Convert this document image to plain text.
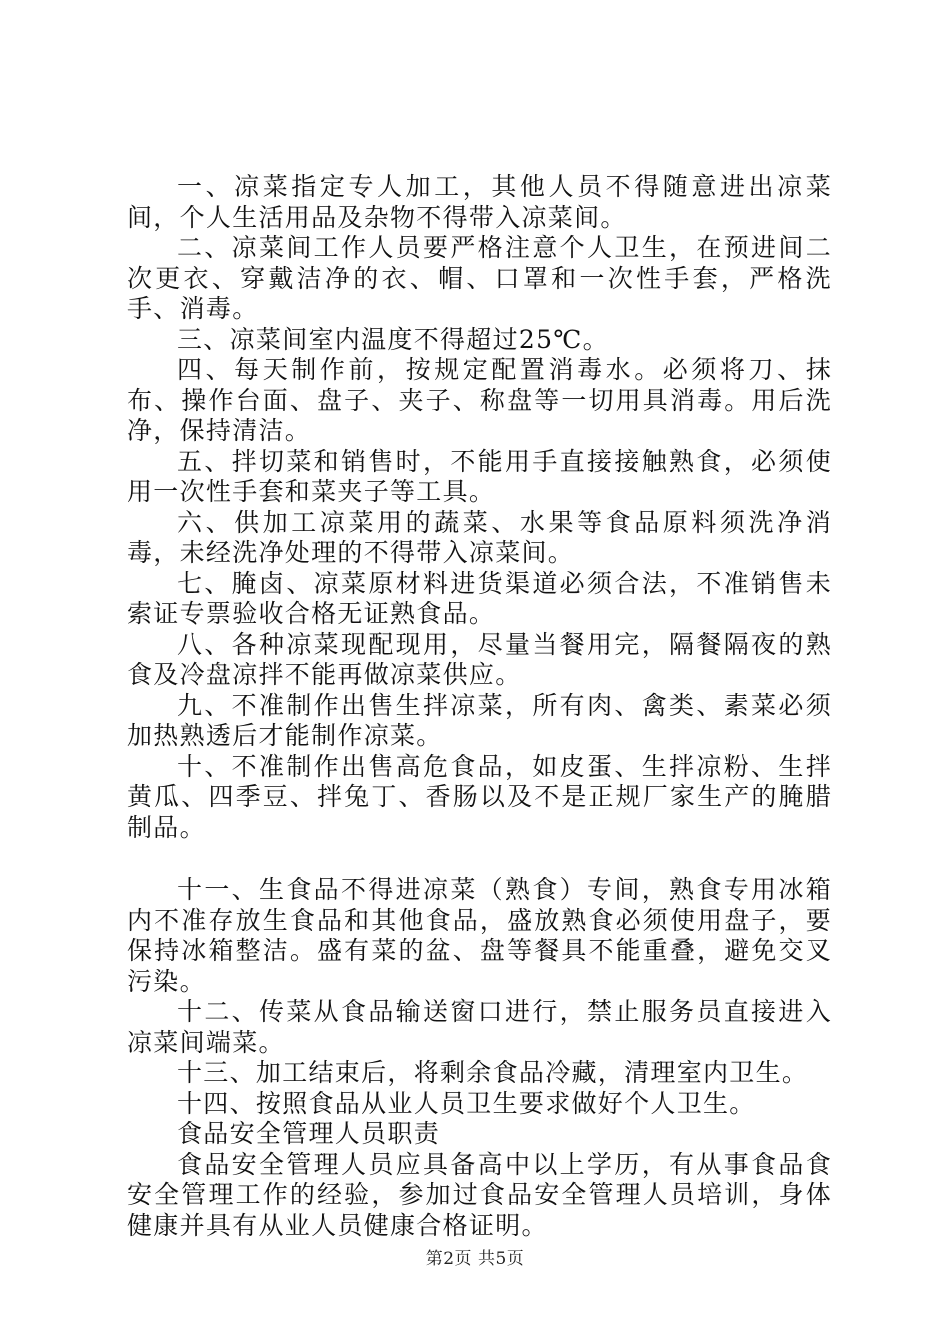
一、凉菜指定专人加工，其他人员不得随意进出凉菜间，个人生活用品及杂物不得带入凉菜间。

二、凉菜间工作人员要严格注意个人卫生，在预进间二次更衣、穿戴洁净的衣、帽、口罩和一次性手套，严格洗手、消毒。

三、凉菜间室内温度不得超过25℃。

四、每天制作前，按规定配置消毒水。必须将刀、抹布、操作台面、盘子、夹子、称盘等一切用具消毒。用后洗净，保持清洁。

五、拌切菜和销售时，不能用手直接接触熟食，必须使用一次性手套和菜夹子等工具。

六、供加工凉菜用的蔬菜、水果等食品原料须洗净消毒，未经洗净处理的不得带入凉菜间。

七、腌卤、凉菜原材料进货渠道必须合法，不准销售未索证专票验收合格无证熟食品。

八、各种凉菜现配现用，尽量当餐用完，隔餐隔夜的熟食及冷盘凉拌不能再做凉菜供应。

九、不准制作出售生拌凉菜，所有肉、禽类、素菜必须加热熟透后才能制作凉菜。

十、不准制作出售高危食品，如皮蛋、生拌凉粉、生拌黄瓜、四季豆、拌兔丁、香肠以及不是正规厂家生产的腌腊制品。

十一、生食品不得进凉菜（熟食）专间，熟食专用冰箱内不准存放生食品和其他食品，盛放熟食必须使用盘子，要保持冰箱整洁。盛有菜的盆、盘等餐具不能重叠，避免交叉污染。

十二、传菜从食品输送窗口进行，禁止服务员直接进入凉菜间端菜。

十三、加工结束后，将剩余食品冷藏，清理室内卫生。

十四、按照食品从业人员卫生要求做好个人卫生。

食品安全管理人员职责

食品安全管理人员应具备高中以上学历，有从事食品食安全管理工作的经验，参加过食品安全管理人员培训，身体健康并具有从业人员健康合格证明。

第2页 共5页
